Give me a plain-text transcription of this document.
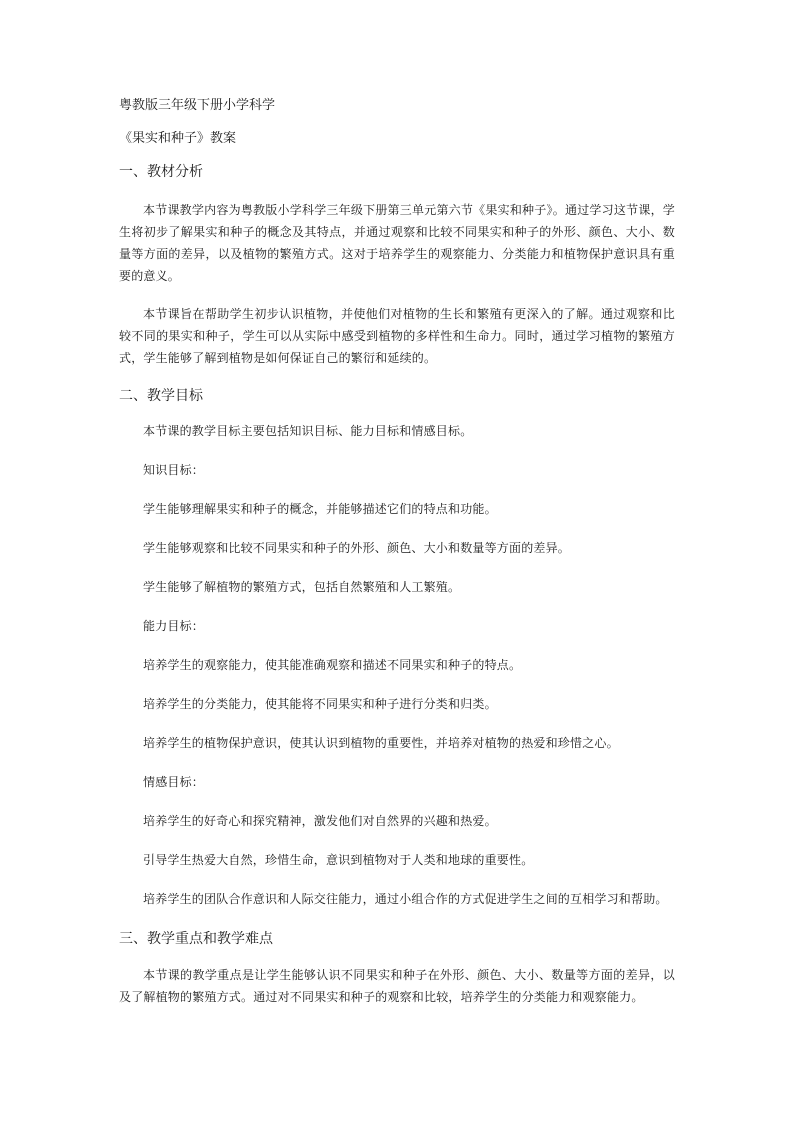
粤教版三年级下册小学科学
《果实和种子》教案
一、教材分析

本节课教学内容为粤教版小学科学三年级下册第三单元第六节《果实和种子》。通过学习这节课，学生将初步了解果实和种子的概念及其特点，并通过观察和比较不同果实和种子的外形、颜色、大小、数量等方面的差异，以及植物的繁殖方式。这对于培养学生的观察能力、分类能力和植物保护意识具有重要的意义。

本节课旨在帮助学生初步认识植物，并使他们对植物的生长和繁殖有更深入的了解。通过观察和比较不同的果实和种子，学生可以从实际中感受到植物的多样性和生命力。同时，通过学习植物的繁殖方式，学生能够了解到植物是如何保证自己的繁衍和延续的。

二、教学目标
本节课的教学目标主要包括知识目标、能力目标和情感目标。
知识目标：
学生能够理解果实和种子的概念，并能够描述它们的特点和功能。
学生能够观察和比较不同果实和种子的外形、颜色、大小和数量等方面的差异。
学生能够了解植物的繁殖方式，包括自然繁殖和人工繁殖。
能力目标：
培养学生的观察能力，使其能准确观察和描述不同果实和种子的特点。
培养学生的分类能力，使其能将不同果实和种子进行分类和归类。
培养学生的植物保护意识，使其认识到植物的重要性，并培养对植物的热爱和珍惜之心。
情感目标：
培养学生的好奇心和探究精神，激发他们对自然界的兴趣和热爱。
引导学生热爱大自然，珍惜生命，意识到植物对于人类和地球的重要性。
培养学生的团队合作意识和人际交往能力，通过小组合作的方式促进学生之间的互相学习和帮助。
三、教学重点和教学难点

本节课的教学重点是让学生能够认识不同果实和种子在外形、颜色、大小、数量等方面的差异，以及了解植物的繁殖方式。通过对不同果实和种子的观察和比较，培养学生的分类能力和观察能力。
